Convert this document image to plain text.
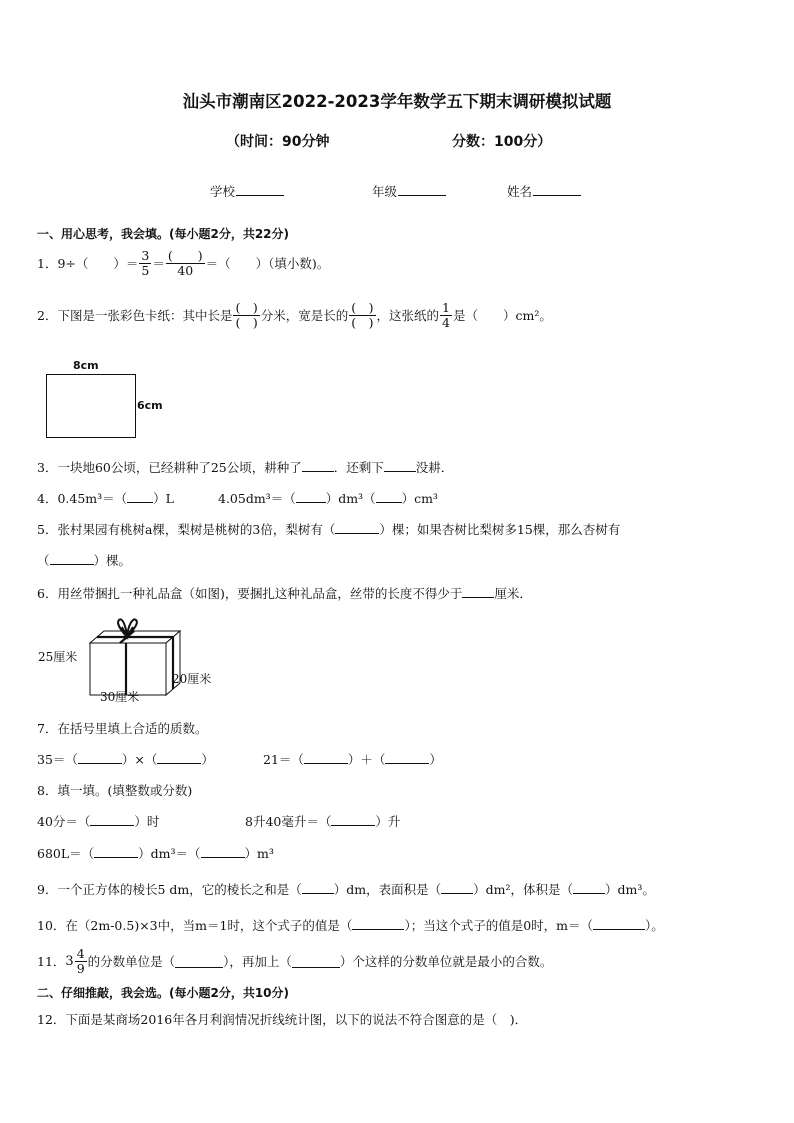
汕头市潮南区2022-2023学年数学五下期末调研模拟试题
（时间：90分钟	分数：100分）
学校	年级	姓名
一、用心思考，我会填。(每小题2分，共22分)
1．9÷（　　）＝ $\frac{3}{5} = \frac{( )}{40}$ ＝（　　）（填小数)。
2．下图是一张彩色卡纸：其中长是 $\frac{( )}{( )}$ 分米，宽是长的 $\frac{( )}{( )}$ ，这张纸的 $\frac{1}{4}$ 是（　　）cm²。
8cm
6cm
3．一块地60公顷，已经耕种了25公顷，耕种了	．还剩下	没耕．
4．0.45m³＝（ ）L	4.05dm³＝（ ）dm³（ ）cm³
5．张村果园有桃树a棵，梨树是桃树的3倍，梨树有（	）棵；如果杏树比梨树多15棵，那么杏树有
（	）棵。
6．用丝带捆扎一种礼品盒（如图)，要捆扎这种礼品盒，丝带的长度不得少于	厘米．
25厘米
20厘米
30厘米
7．在括号里填上合适的质数。
35＝（	）×（	）	21＝（	）＋（	）
8．填一填。(填整数或分数)
40分＝（	）时	8升40毫升＝（	）升
680L＝（	）dm³＝（	）m³
9．一个正方体的棱长5 dm，它的棱长之和是（	）dm，表面积是（	）dm²，体积是（	）dm³。
10．在（2m-0.5)×3中，当m＝1时，这个式子的值是（	）；当这个式子的值是0时，m＝（	）。
11． $3 \frac{4}{9}$ 的分数单位是（	），再加上（	）个这样的分数单位就是最小的合数。
二、仔细推敲，我会选。(每小题2分，共10分)
12．下面是某商场2016年各月利润情况折线统计图，以下的说法不符合图意的是（　)．
